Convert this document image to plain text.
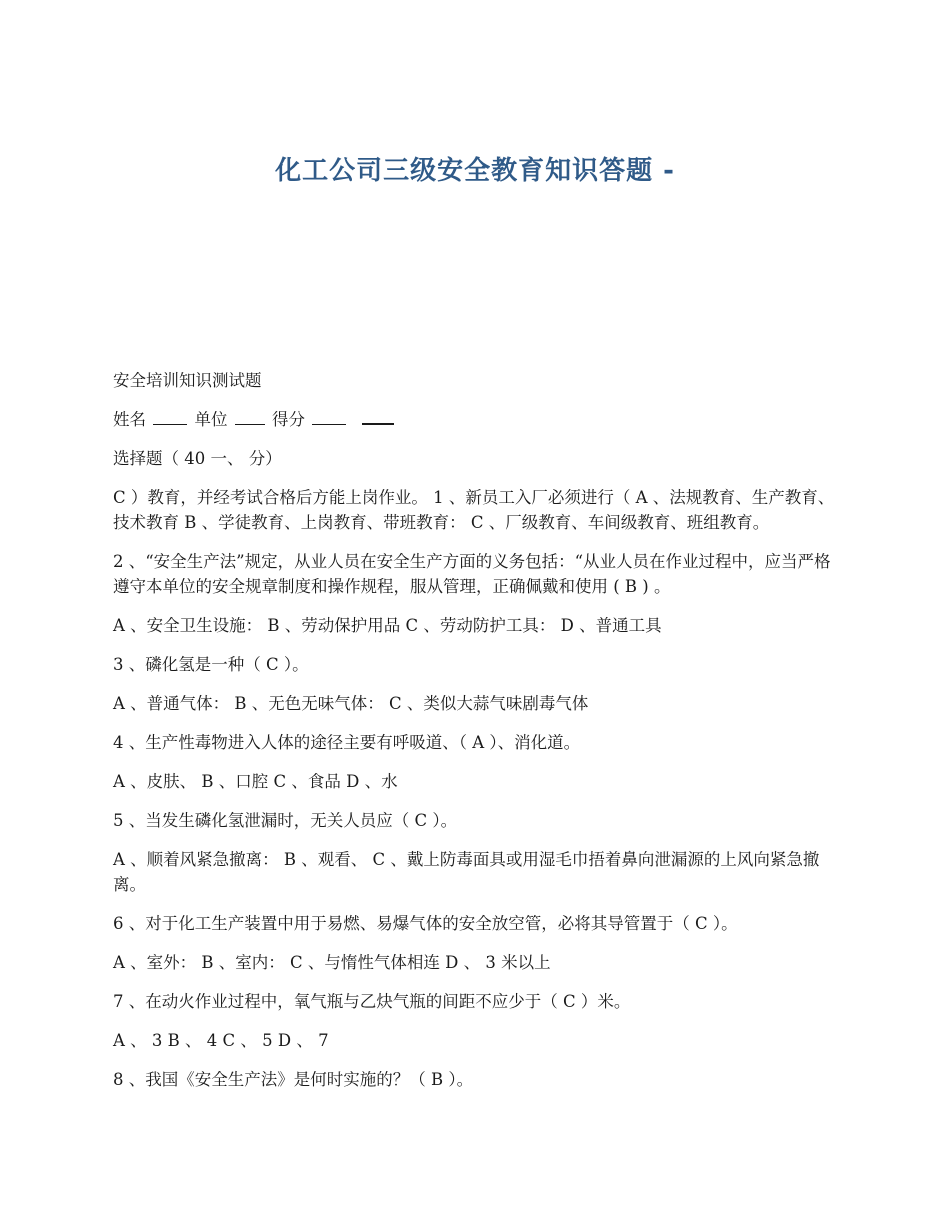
化工公司三级安全教育知识答题 -

安全培训知识测试题

姓名	单位	得分

选择题（ 40 一、 分）

C ）教育，并经考试合格后方能上岗作业。 1 、新员工入厂必须进行（ A 、法规教育、生产教育、技术教育 B 、学徒教育、上岗教育、带班教育： C 、厂级教育、车间级教育、班组教育。

2 、“安全生产法”规定，从业人员在安全生产方面的义务包括：“从业人员在作业过程中，应当严格遵守本单位的安全规章制度和操作规程，服从管理，正确佩戴和使用 ( B ) 。

A 、安全卫生设施： B 、劳动保护用品 C 、劳动防护工具： D 、普通工具

3 、磷化氢是一种（ C ）。

A 、普通气体： B 、无色无味气体： C 、类似大蒜气味剧毒气体

4 、生产性毒物进入人体的途径主要有呼吸道、（ A ）、消化道。

A 、皮肤、 B 、口腔 C 、食品 D 、水

5 、当发生磷化氢泄漏时，无关人员应（ C ）。

A 、顺着风紧急撤离： B 、观看、 C 、戴上防毒面具或用湿毛巾捂着鼻向泄漏源的上风向紧急撤离。

6 、对于化工生产装置中用于易燃、易爆气体的安全放空管，必将其导管置于（ C ）。

A 、室外： B 、室内： C 、与惰性气体相连 D 、 3 米以上

7 、在动火作业过程中，氧气瓶与乙炔气瓶的间距不应少于（ C ）米。

A 、 3 B 、 4 C 、 5 D 、 7

8 、我国《安全生产法》是何时实施的？（ B ）。
